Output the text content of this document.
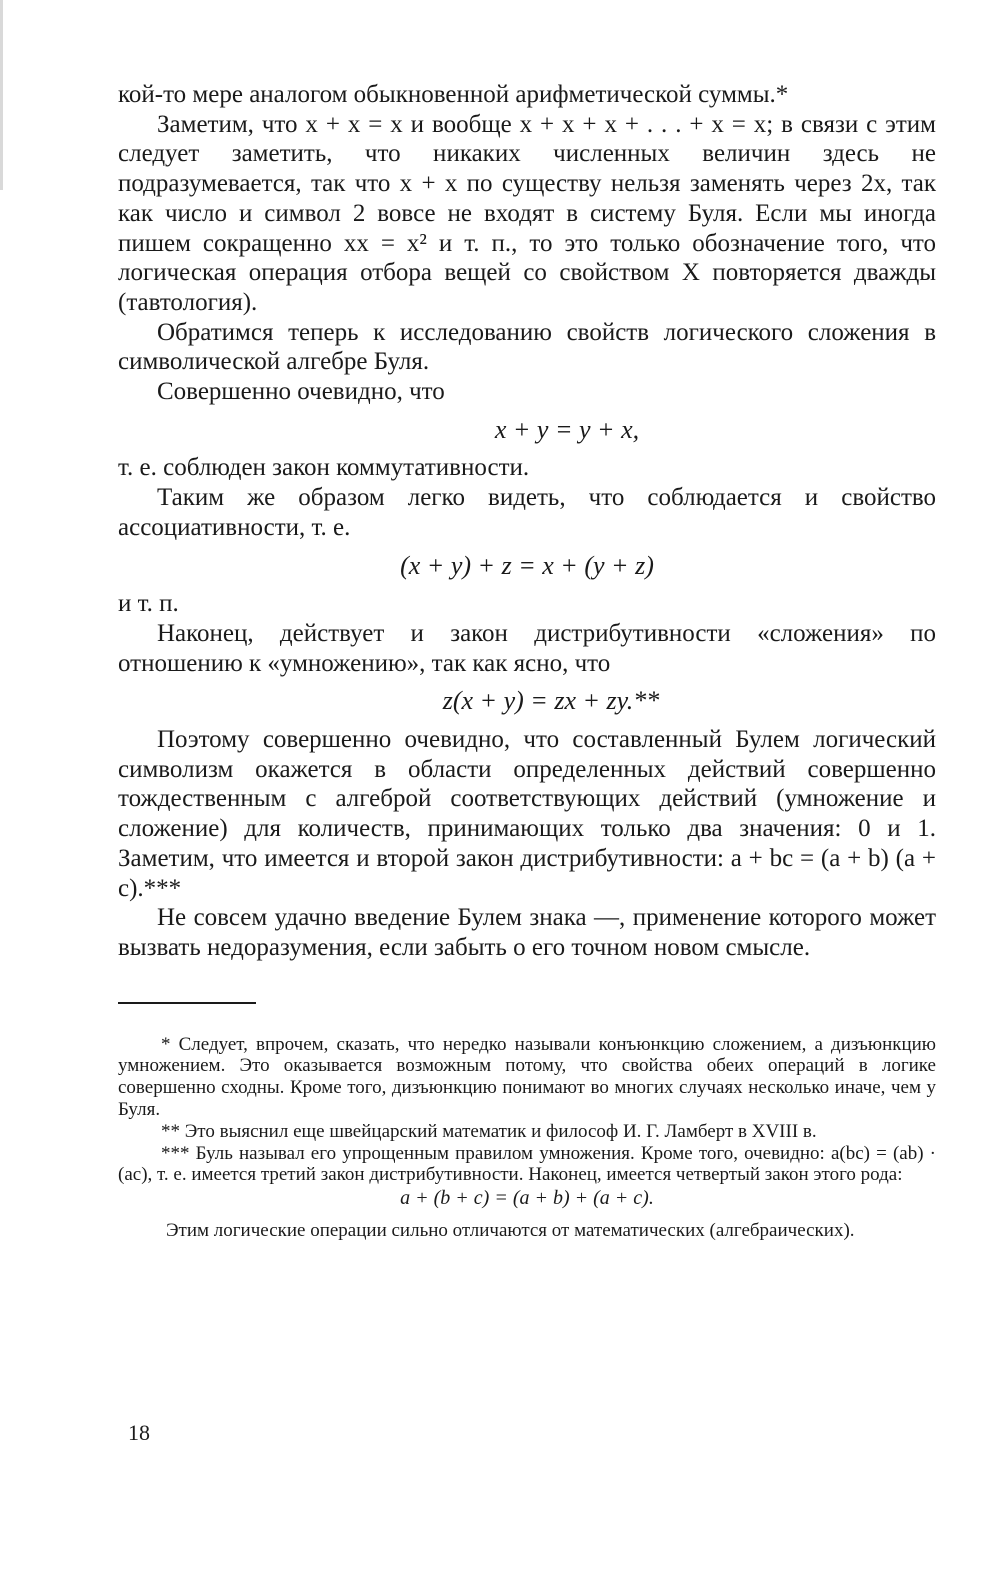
кой-то мере аналогом обыкновенной арифметической суммы.*

Заметим, что x + x = x и вообще x + x + x + . . . + x = x; в связи с этим следует заметить, что никаких численных величин здесь не подразумевается, так что x + x по существу нельзя заменять через 2x, так как число и символ 2 вовсе не входят в систему Буля. Если мы иногда пишем сокращенно xx = x² и т. п., то это только обозначение того, что логическая операция отбора вещей со свойством X повторяется дважды (тавтология).

Обратимся теперь к исследованию свойств логического сложения в символической алгебре Буля.

Совершенно очевидно, что

x + y = y + x,

т. е. соблюден закон коммутативности.

Таким же образом легко видеть, что соблюдается и свойство ассоциативности, т. е.

(x + y) + z = x + (y + z)

и т. п.

Наконец, действует и закон дистрибутивности «сложения» по отношению к «умножению», так как ясно, что

z(x + y) = zx + zy.**

Поэтому совершенно очевидно, что составленный Булем логический символизм окажется в области определенных действий совершенно тождественным с алгеброй соответствующих действий (умножение и сложение) для количеств, принимающих только два значения: 0 и 1. Заметим, что имеется и второй закон дистрибутивности: a + bc = (a + b) (a + c).***

Не совсем удачно введение Булем знака —, применение которого может вызвать недоразумения, если забыть о его точном новом смысле.

* Следует, впрочем, сказать, что нередко называли конъюнкцию сложением, а дизъюнкцию умножением. Это оказывается возможным потому, что свойства обеих операций в логике совершенно сходны. Кроме того, дизъюнкцию понимают во многих случаях несколько иначе, чем у Буля.

** Это выяснил еще швейцарский математик и философ И. Г. Ламберт в XVIII в.

*** Буль называл его упрощенным правилом умножения. Кроме того, очевидно: a(bc) = (ab) · (ac), т. е. имеется третий закон дистрибутивности. Наконец, имеется четвертый закон этого рода:

a + (b + c) = (a + b) + (a + c).

Этим логические операции сильно отличаются от математических (алгебраических).

18
